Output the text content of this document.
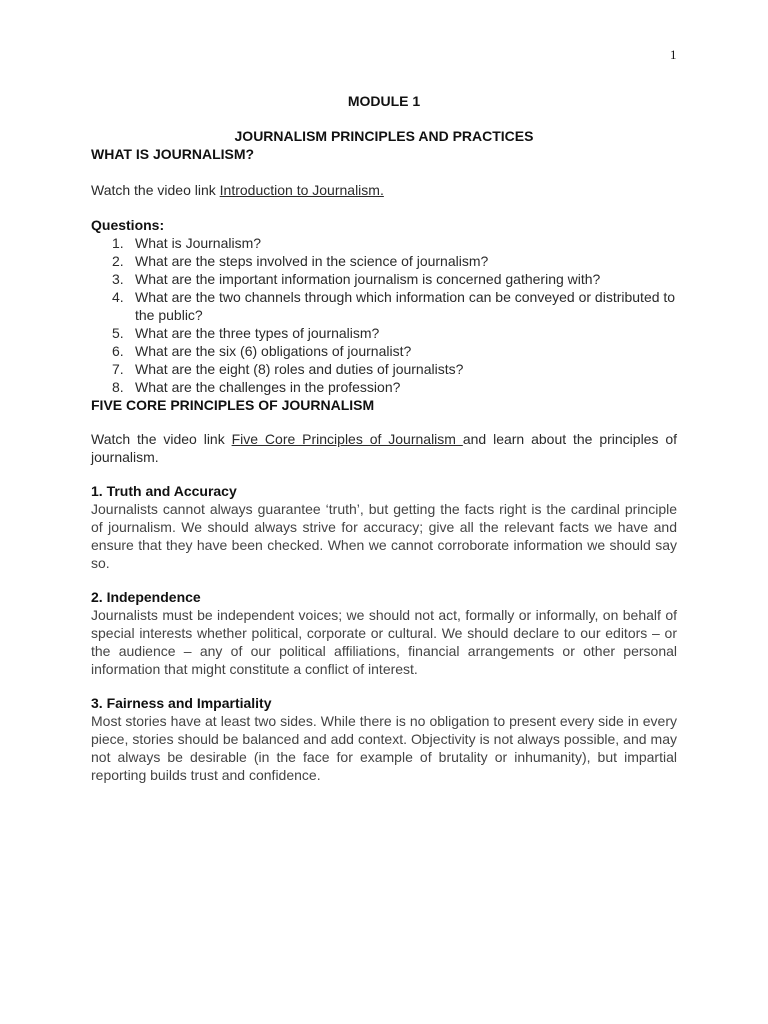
1

MODULE 1

JOURNALISM PRINCIPLES AND PRACTICES

WHAT IS JOURNALISM?

Watch the video link Introduction to Journalism.

Questions:

1. What is Journalism?
2. What are the steps involved in the science of journalism?
3. What are the important information journalism is concerned gathering with?
4. What are the two channels through which information can be conveyed or distributed to the public?
5. What are the three types of journalism?
6. What are the six (6) obligations of journalist?
7. What are the eight (8) roles and duties of journalists?
8. What are the challenges in the profession?
FIVE CORE PRINCIPLES OF JOURNALISM

Watch the video link Five Core Principles of Journalism and learn about the principles of journalism.

1. Truth and Accuracy

Journalists cannot always guarantee ‘truth’, but getting the facts right is the cardinal principle of journalism. We should always strive for accuracy; give all the relevant facts we have and ensure that they have been checked. When we cannot corroborate information we should say so.

2. Independence

Journalists must be independent voices; we should not act, formally or informally, on behalf of special interests whether political, corporate or cultural. We should declare to our editors – or the audience – any of our political affiliations, financial arrangements or other personal information that might constitute a conflict of interest.

3. Fairness and Impartiality

Most stories have at least two sides. While there is no obligation to present every side in every piece, stories should be balanced and add context. Objectivity is not always possible, and may not always be desirable (in the face for example of brutality or inhumanity), but impartial reporting builds trust and confidence.
